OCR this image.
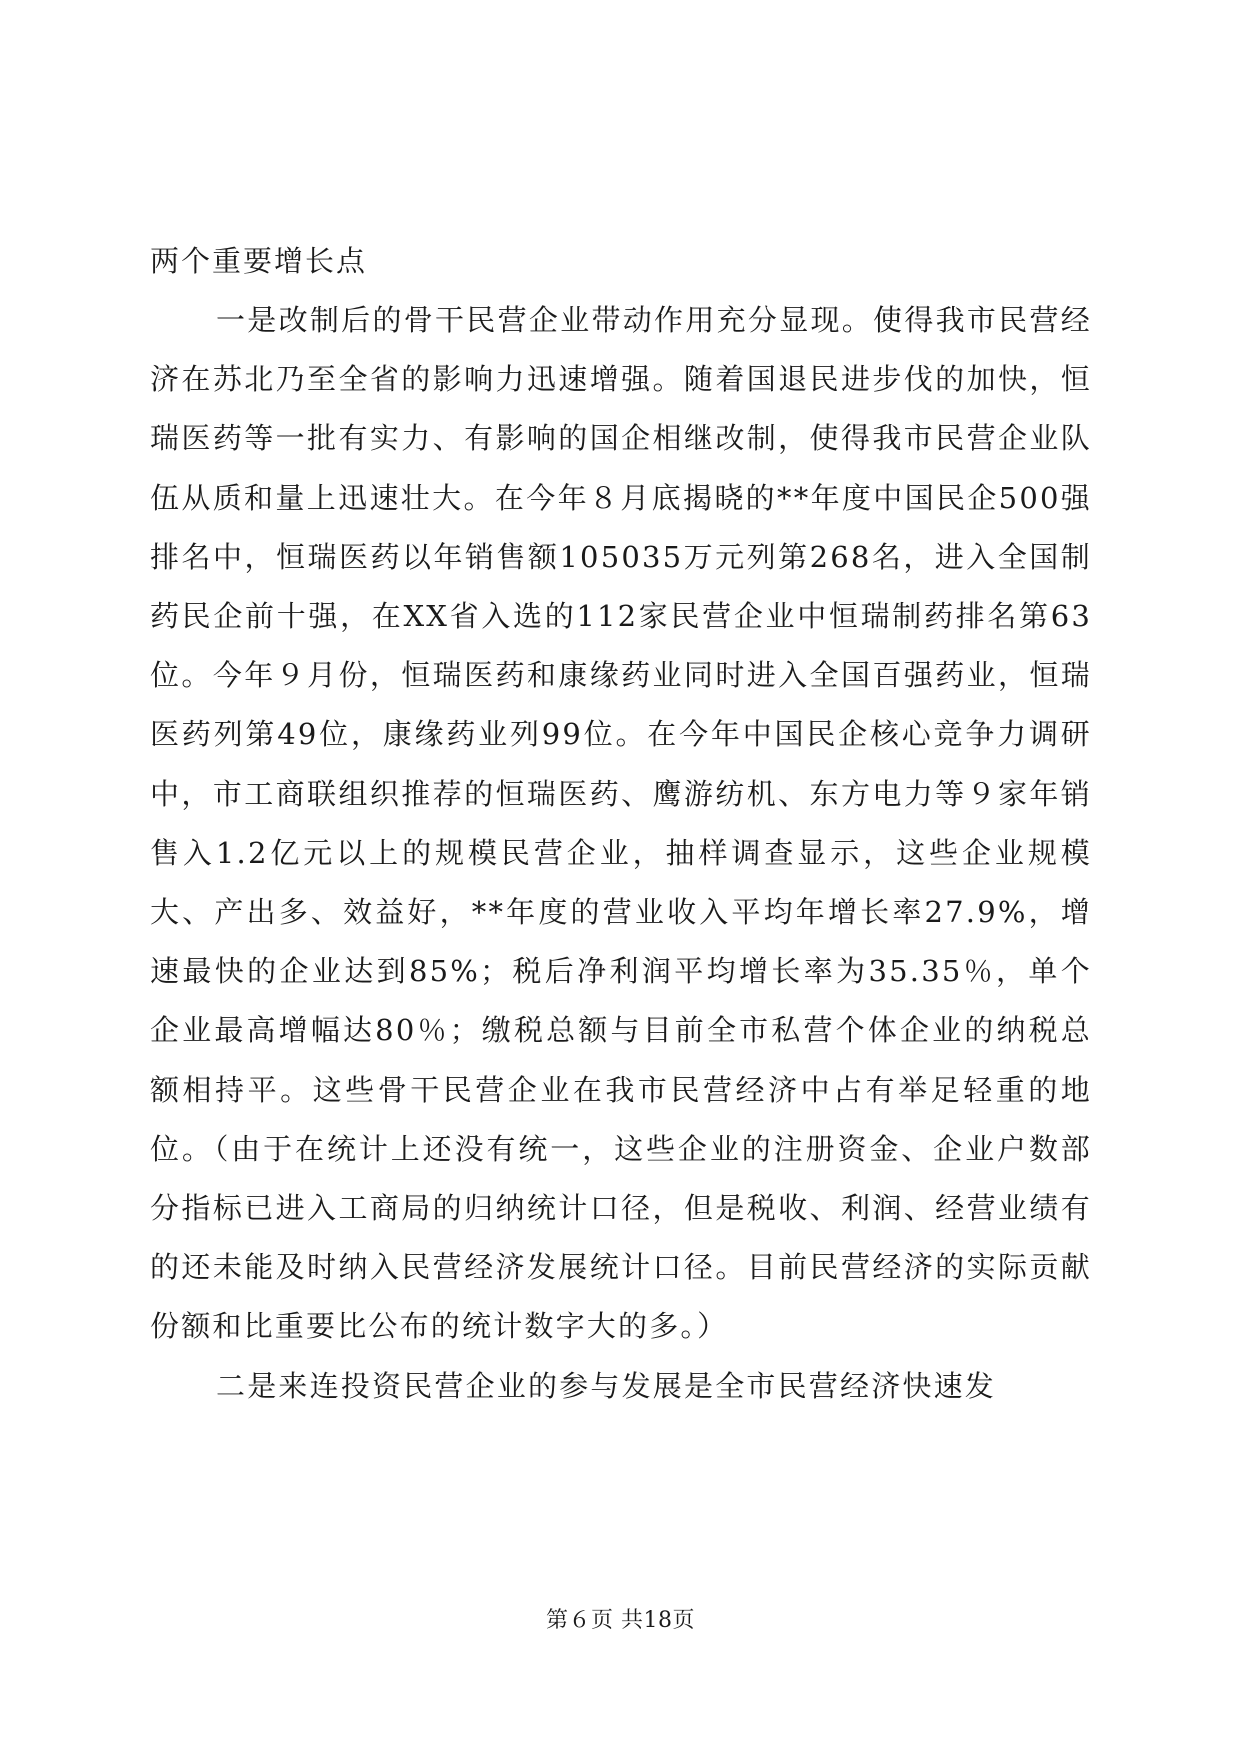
两个重要增长点

一是改制后的骨干民营企业带动作用充分显现。使得我市民营经济在苏北乃至全省的影响力迅速增强。随着国退民进步伐的加快，恒瑞医药等一批有实力、有影响的国企相继改制，使得我市民营企业队伍从质和量上迅速壮大。在今年８月底揭晓的**年度中国民企500强排名中，恒瑞医药以年销售额105035万元列第268名，进入全国制药民企前十强，在XX省入选的112家民营企业中恒瑞制药排名第63位。今年９月份，恒瑞医药和康缘药业同时进入全国百强药业，恒瑞医药列第49位，康缘药业列99位。在今年中国民企核心竞争力调研中，市工商联组织推荐的恒瑞医药、鹰游纺机、东方电力等９家年销售入1.2亿元以上的规模民营企业，抽样调查显示，这些企业规模大、产出多、效益好，**年度的营业收入平均年增长率27.9%，增速最快的企业达到85%；税后净利润平均增长率为35.35％，单个企业最高增幅达80％；缴税总额与目前全市私营个体企业的纳税总额相持平。这些骨干民营企业在我市民营经济中占有举足轻重的地位。（由于在统计上还没有统一，这些企业的注册资金、企业户数部分指标已进入工商局的归纳统计口径，但是税收、利润、经营业绩有的还未能及时纳入民营经济发展统计口径。目前民营经济的实际贡献份额和比重要比公布的统计数字大的多。）

二是来连投资民营企业的参与发展是全市民营经济快速发

第６页 共18页
